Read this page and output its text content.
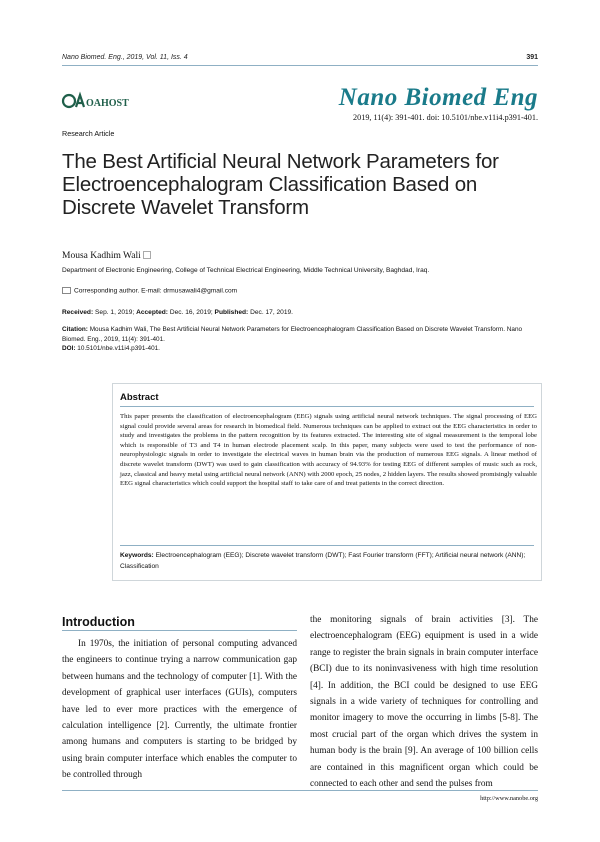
Nano Biomed. Eng., 2019, Vol. 11, Iss. 4	391
OAHOST	Nano Biomed Eng
2019, 11(4): 391-401. doi: 10.5101/nbe.v11i4.p391-401.
Research Article
The Best Artificial Neural Network Parameters for Electroencephalogram Classification Based on Discrete Wavelet Transform
Mousa Kadhim Wali
Department of Electronic Engineering, College of Technical Electrical Engineering, Middle Technical University, Baghdad, Iraq.
Corresponding author. E-mail: drmusawali4@gmail.com
Received: Sep. 1, 2019; Accepted: Dec. 16, 2019; Published: Dec. 17, 2019.
Citation: Mousa Kadhim Wali, The Best Artificial Neural Network Parameters for Electroencephalogram Classification Based on Discrete Wavelet Transform. Nano Biomed. Eng., 2019, 11(4): 391-401.
DOI: 10.5101/nbe.v11i4.p391-401.
Abstract
This paper presents the classification of electroencephalogram (EEG) signals using artificial neural network techniques. The signal processing of EEG signal could provide several areas for research in biomedical field. Numerous techniques can be applied to extract out the EEG characteristics in order to study and investigates the problems in the pattern recognition by its features extracted. The interesting site of signal measurement is the temporal lobe which is responsible of T3 and T4 in human electrode placement scalp. In this paper, many subjects were used to test the performance of non-neurophysiologic signals in order to investigate the electrical waves in human brain via the production of numerous EEG signals. A linear method of discrete wavelet transform (DWT) was used to gain classification with accuracy of 94.93% for testing EEG of different samples of music such as rock, jazz, classical and heavy metal using artificial neural network (ANN) with 2000 epoch, 25 nodes, 2 hidden layers. The results showed promisingly valuable EEG signal characteristics which could support the hospital staff to take care of and treat patients in the correct direction.
Keywords: Electroencephalogram (EEG); Discrete wavelet transform (DWT); Fast Fourier transform (FFT); Artificial neural network (ANN); Classification
Introduction

In 1970s, the initiation of personal computing advanced the engineers to continue trying a narrow communication gap between humans and the technology of computer [1]. With the development of graphical user interfaces (GUIs), computers have led to ever more practices with the emergence of calculation intelligence [2]. Currently, the ultimate frontier among humans and computers is starting to be bridged by using brain computer interface which enables the computer to be controlled through

the monitoring signals of brain activities [3]. The electroencephalogram (EEG) equipment is used in a wide range to register the brain signals in brain computer interface (BCI) due to its noninvasiveness with high time resolution [4]. In addition, the BCI could be designed to use EEG signals in a wide variety of techniques for controlling and monitor imagery to move the occurring in limbs [5-8]. The most crucial part of the organ which drives the system in human body is the brain [9]. An average of 100 billion cells are contained in this magnificent organ which could be connected to each other and send the pulses from

http://www.nanobe.org
